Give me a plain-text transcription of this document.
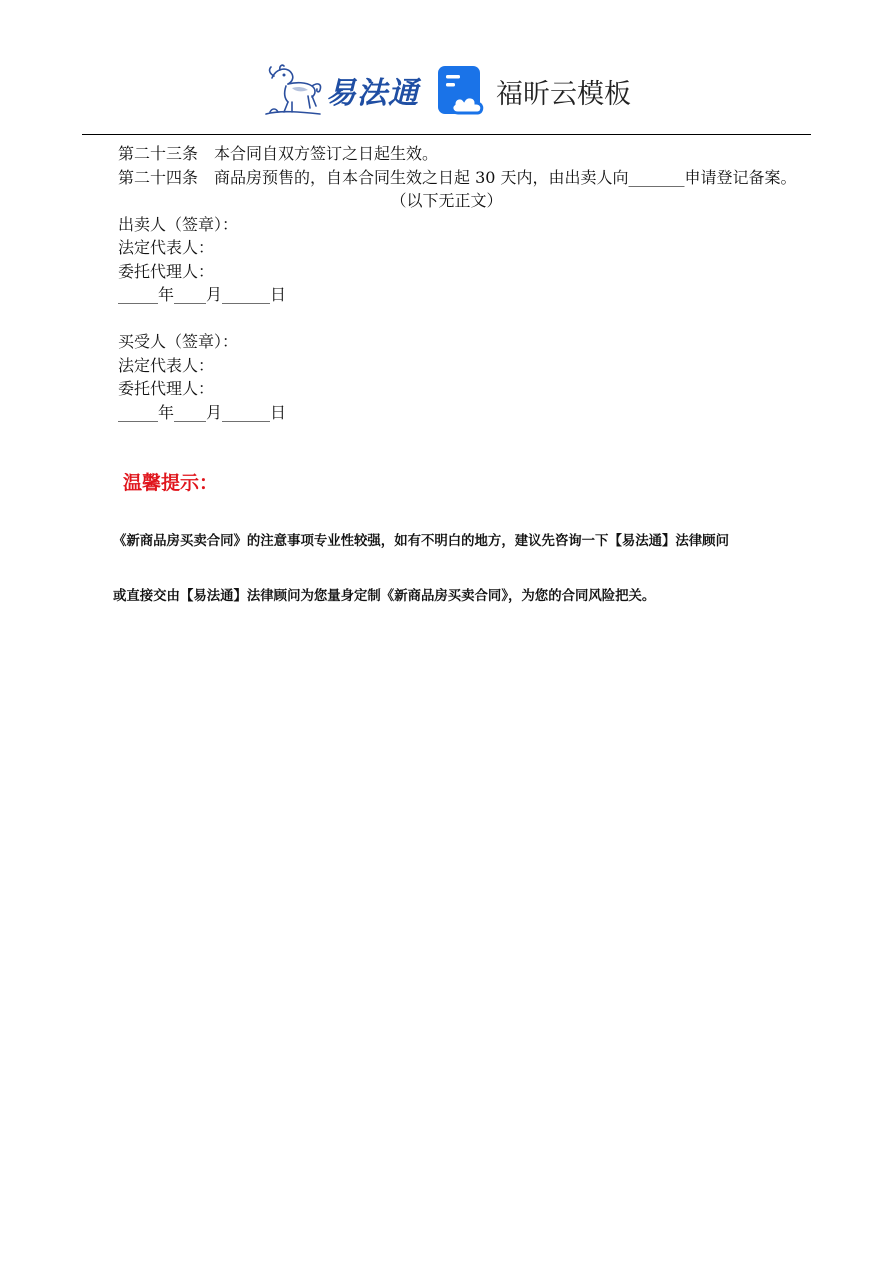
易法通	福昕云模板

第二十三条　本合同自双方签订之日起生效。

第二十四条　商品房预售的，自本合同生效之日起 30 天内，由出卖人向_______申请登记备案。

（以下无正文）

出卖人（签章）：

法定代表人：

委托代理人：

_____年____月______日

买受人（签章）：

法定代表人：

委托代理人：

_____年____月______日

温馨提示：
《新商品房买卖合同》的注意事项专业性较强，如有不明白的地方，建议先咨询一下【易法通】法律顾问
或直接交由【易法通】法律顾问为您量身定制《新商品房买卖合同》，为您的合同风险把关。
